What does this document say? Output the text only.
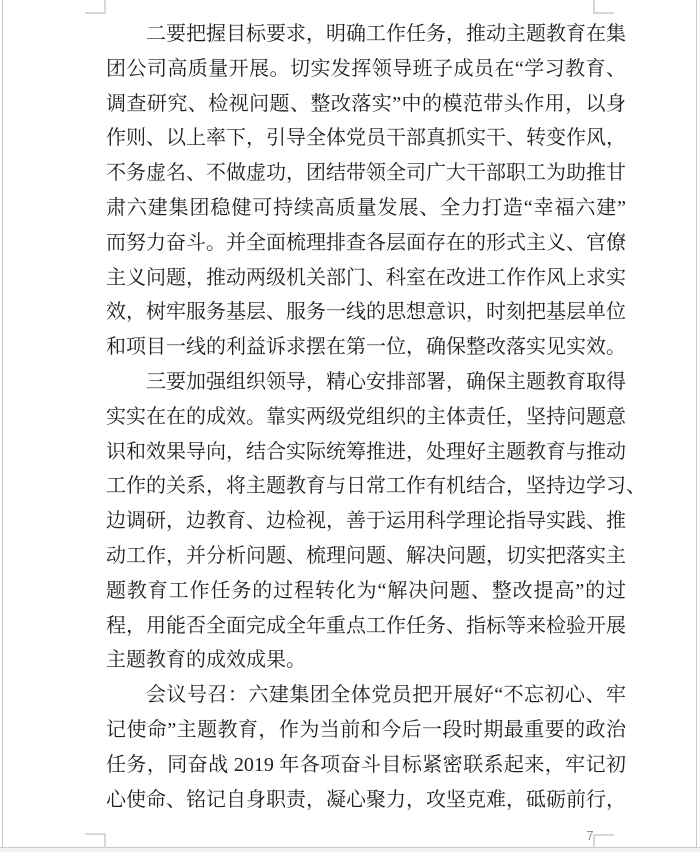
二要把握目标要求，明确工作任务，推动主题教育在集
团公司高质量开展。切实发挥领导班子成员在“学习教育、
调查研究、检视问题、整改落实”中的模范带头作用，以身
作则、以上率下，引导全体党员干部真抓实干、转变作风，
不务虚名、不做虚功，团结带领全司广大干部职工为助推甘
肃六建集团稳健可持续高质量发展、全力打造“幸福六建”
而努力奋斗。并全面梳理排查各层面存在的形式主义、官僚
主义问题，推动两级机关部门、科室在改进工作作风上求实
效，树牢服务基层、服务一线的思想意识，时刻把基层单位
和项目一线的利益诉求摆在第一位，确保整改落实见实效。
三要加强组织领导，精心安排部署，确保主题教育取得
实实在在的成效。靠实两级党组织的主体责任，坚持问题意
识和效果导向，结合实际统筹推进，处理好主题教育与推动
工作的关系，将主题教育与日常工作有机结合，坚持边学习、
边调研，边教育、边检视，善于运用科学理论指导实践、推
动工作，并分析问题、梳理问题、解决问题，切实把落实主
题教育工作任务的过程转化为“解决问题、整改提高”的过
程，用能否全面完成全年重点工作任务、指标等来检验开展
主题教育的成效成果。
会议号召：六建集团全体党员把开展好“不忘初心、牢
记使命”主题教育，作为当前和今后一段时期最重要的政治
任务，同奋战 2019 年各项奋斗目标紧密联系起来，牢记初
心使命、铭记自身职责，凝心聚力，攻坚克难，砥砺前行，
7
